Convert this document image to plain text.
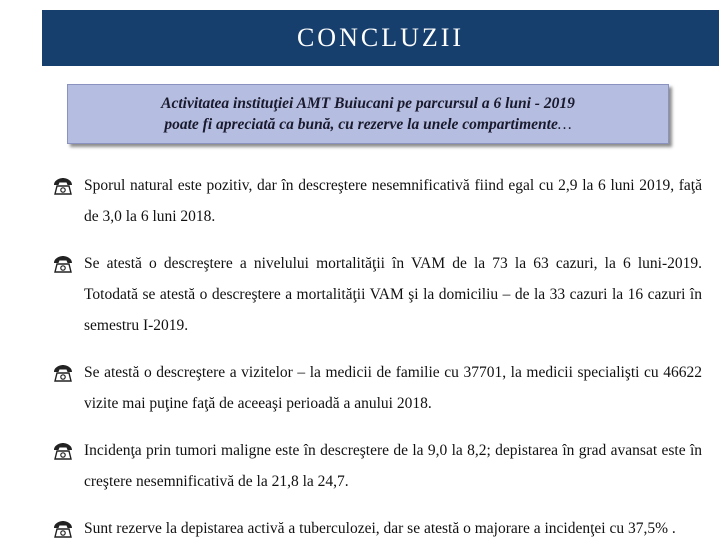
CONCLUZII
Activitatea instituţiei AMT Buiucani pe parcursul a 6 luni - 2019
poate fi apreciată ca bună, cu rezerve la unele compartimente…
Sporul natural este pozitiv, dar în descreştere nesemnificativă fiind egal cu 2,9 la 6 luni 2019, faţă de 3,0 la 6 luni 2018.
Se atestă o descreştere a nivelului mortalităţii în VAM de la 73 la 63 cazuri, la 6 luni-2019. Totodată se atestă o descreştere a mortalităţii VAM şi la domiciliu – de la 33 cazuri la 16 cazuri în semestru I-2019.
Se atestă o descreştere a vizitelor – la medicii de familie cu 37701, la medicii specialişti cu 46622 vizite mai puţine faţă de aceeaşi perioadă a anului 2018.
Incidenţa prin tumori maligne este în descreştere de la 9,0 la 8,2; depistarea în grad avansat este în creştere nesemnificativă de la 21,8 la 24,7.
Sunt rezerve la depistarea activă a tuberculozei, dar se atestă o majorare a incidenţei cu 37,5% .
